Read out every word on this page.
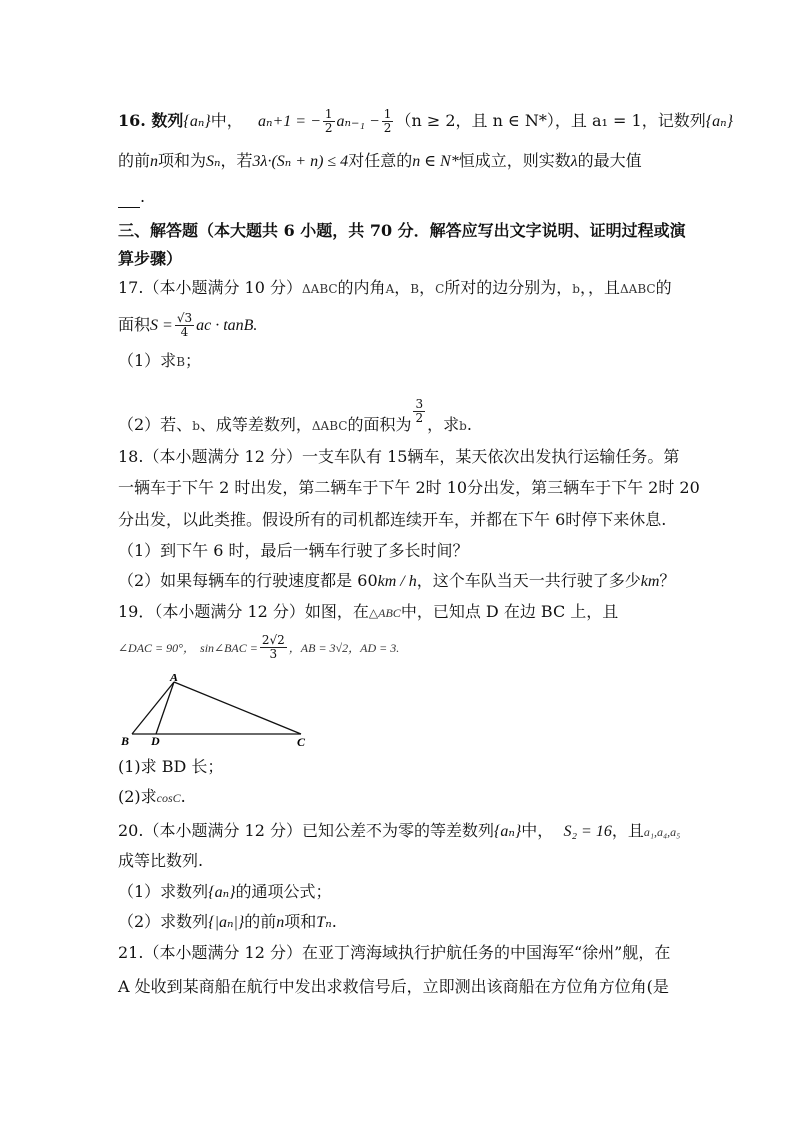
16. 数列{aₙ}中， aₙ+1 = − $\frac{1}{2} a_{n-1} - \frac{1}{2} (n \ge 2$，且 n ∈ N*），且 a₁ = 1，记数列{aₙ}
的前n项和为Sₙ，若3λ·(Sₙ + n) ≤ 4对任意的n ∈ N*恒成立，则实数λ的最大值
.
三、解答题（本大题共 6 小题，共 70 分．解答应写出文字说明、证明过程或演
算步骤）
17.（本小题满分 10 分）ΔABC的内角A，B，C所对的边分别为，b，，且ΔABC的
面积$S = \frac{√3}{4}$ ac · tanB.
（1）求B；
（2）若、b、成等差数列，ΔABC的面积为 $\frac{3}{2}$ ，求b.
18.（本小题满分 12 分）一支车队有 15辆车，某天依次出发执行运输任务。第
一辆车于下午 2 时出发，第二辆车于下午 2时 10分出发，第三辆车于下午 2时 20
分出发，以此类推。假设所有的司机都连续开车，并都在下午 6时停下来休息.
（1）到下午 6 时，最后一辆车行驶了多长时间？
（2）如果每辆车的行驶速度都是 60km / h，这个车队当天一共行驶了多少km？
19．（本小题满分 12 分）如图，在△ABC中，已知点 D 在边 BC 上，且
∠DAC = 90°， sin∠BAC = $\frac{2√2}{3}$ ，AB = 3√2，AD = 3.
A
B D	C
(1)求 BD 长；
(2)求cosC.
20.（本小题满分 12 分）已知公差不为零的等差数列{aₙ}中， S₂ = 16，且a₁,a₄,a₅
成等比数列.
（1）求数列{aₙ}的通项公式；
（2）求数列{|aₙ|}的前n项和Tₙ.
21.（本小题满分 12 分）在亚丁湾海域执行护航任务的中国海军“徐州”舰，在
A 处收到某商船在航行中发出求救信号后，立即测出该商船在方位角方位角(是
